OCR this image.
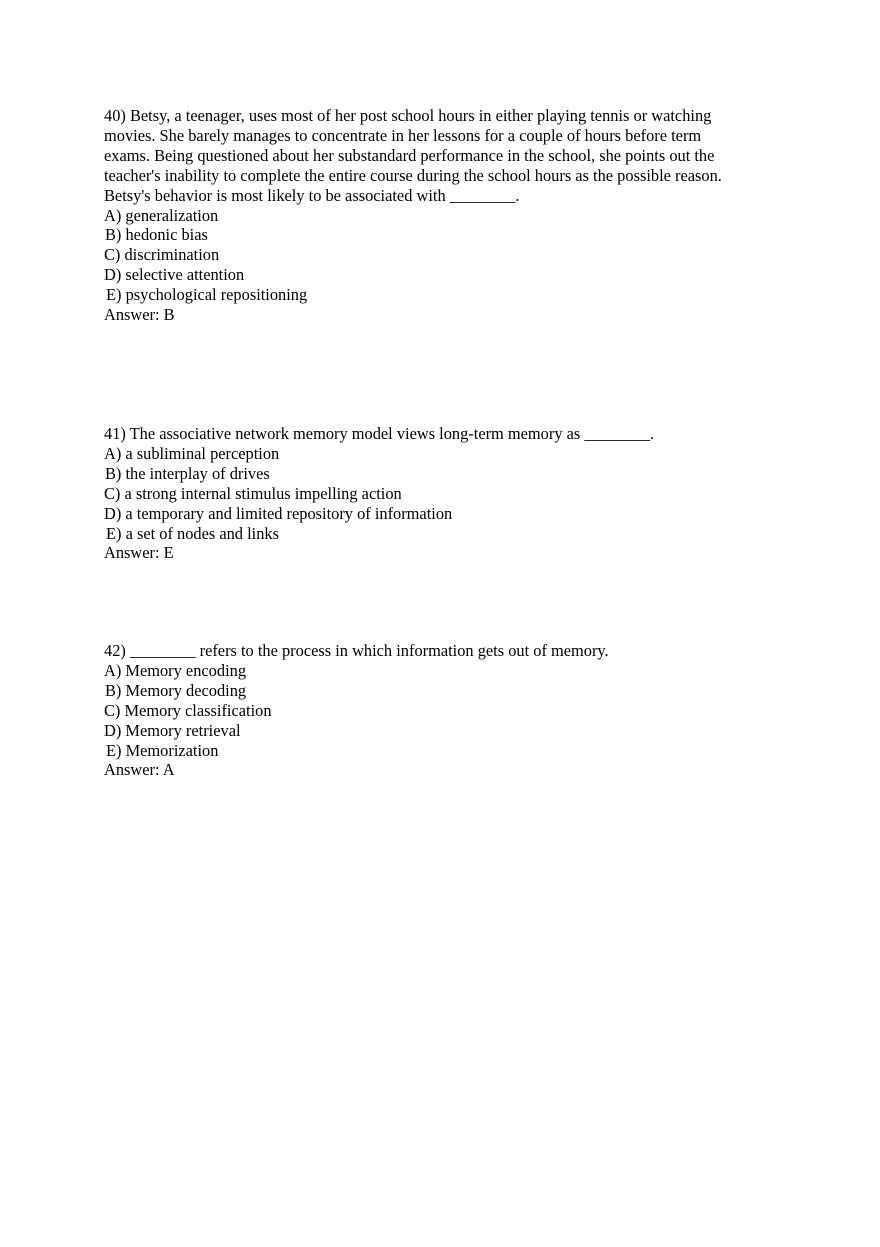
40) Betsy, a teenager, uses most of her post school hours in either playing tennis or watching
movies. She barely manages to concentrate in her lessons for a couple of hours before term
exams. Being questioned about her substandard performance in the school, she points out the
teacher's inability to complete the entire course during the school hours as the possible reason.
Betsy's behavior is most likely to be associated with ________.
A) generalization
B) hedonic bias
C) discrimination
D) selective attention
E) psychological repositioning
Answer: B
41) The associative network memory model views long-term memory as ________.
A) a subliminal perception
B) the interplay of drives
C) a strong internal stimulus impelling action
D) a temporary and limited repository of information
E) a set of nodes and links
Answer: E
42) ________ refers to the process in which information gets out of memory.
A) Memory encoding
B) Memory decoding
C) Memory classification
D) Memory retrieval
E) Memorization
Answer: A
